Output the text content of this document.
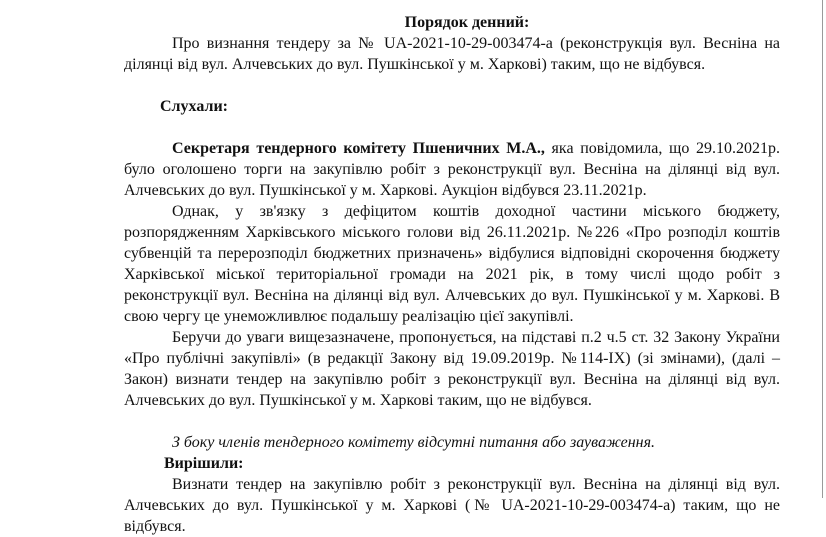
Порядок денний:

Про визнання тендеру за № UA-2021-10-29-003474-а (реконструкція вул. Весніна на ділянці від вул. Алчевських до вул. Пушкінської у м. Харкові) таким, що не відбувся.

Слухали:

Секретаря тендерного комітету Пшеничних М.А., яка повідомила, що 29.10.2021р. було оголошено торги на закупівлю робіт з реконструкції вул. Весніна на ділянці від вул. Алчевських до вул. Пушкінської у м. Харкові. Аукціон відбувся 23.11.2021р.

Однак, у зв'язку з дефіцитом коштів доходної частини міського бюджету, розпорядженням Харківського міського голови від 26.11.2021р. №226 «Про розподіл коштів субвенцій та перерозподіл бюджетних призначень» відбулися відповідні скорочення бюджету Харківської міської територіальної громади на 2021 рік, в тому числі щодо робіт з реконструкції вул. Весніна на ділянці від вул. Алчевських до вул. Пушкінської у м. Харкові. В свою чергу це унеможливлює подальшу реалізацію цієї закупівлі.

Беручи до уваги вищезазначене, пропонується, на підставі п.2 ч.5 ст. 32 Закону України «Про публічні закупівлі» (в редакції Закону від 19.09.2019р. №114-IX) (зі змінами), (далі – Закон) визнати тендер на закупівлю робіт з реконструкції вул. Весніна на ділянці від вул. Алчевських до вул. Пушкінської у м. Харкові таким, що не відбувся.

З боку членів тендерного комітету відсутні питання або зауваження.

Вирішили:

Визнати тендер на закупівлю робіт з реконструкції вул. Весніна на ділянці від вул. Алчевських до вул. Пушкінської у м. Харкові (№ UA-2021-10-29-003474-а) таким, що не відбувся.
